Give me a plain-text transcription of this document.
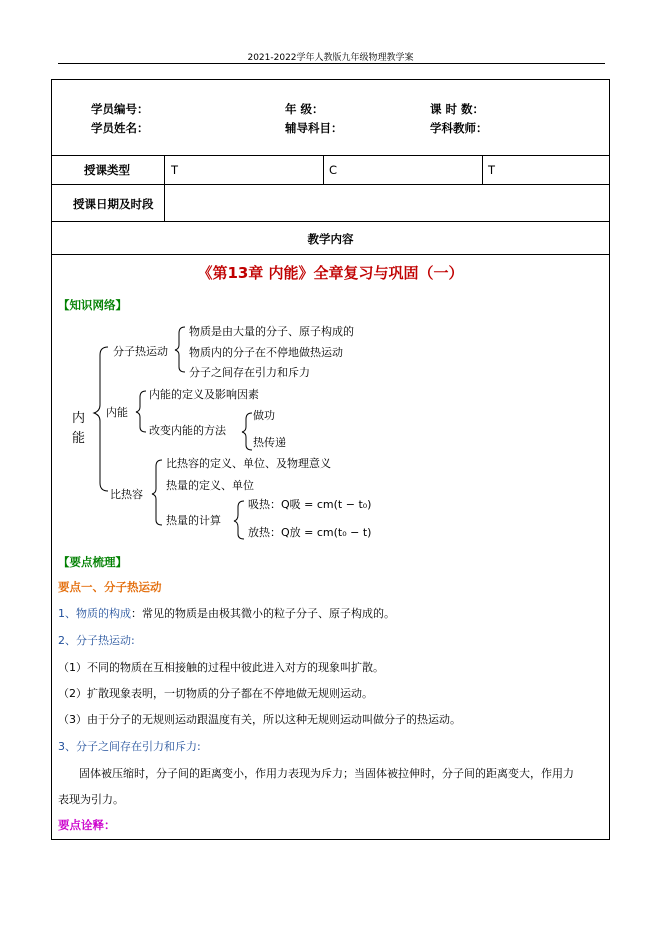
2021-2022学年人教版九年级物理教学案
学员编号：	年 级：	课 时 数：
学员姓名：	辅导科目：	学科教师：
授课类型	T	C	T
授课日期及时段
教学内容
《第13章 内能》全章复习与巩固（一）
【知识网络】
内能
分子热运动
物质是由大量的分子、原子构成的
物质内的分子在不停地做热运动
分子之间存在引力和斥力
内能
内能的定义及影响因素
改变内能的方法
做功
热传递
比热容
比热容的定义、单位、及物理意义
热量的定义、单位
热量的计算
吸热：Q吸 = cm(t − t₀)
放热：Q放 = cm(t₀ − t)
【要点梳理】
要点一、分子热运动
1、物质的构成：常见的物质是由极其微小的粒子分子、原子构成的。
2、分子热运动:
（1）不同的物质在互相接触的过程中彼此进入对方的现象叫扩散。
（2）扩散现象表明，一切物质的分子都在不停地做无规则运动。
（3）由于分子的无规则运动跟温度有关，所以这种无规则运动叫做分子的热运动。
3、分子之间存在引力和斥力:
固体被压缩时，分子间的距离变小，作用力表现为斥力；当固体被拉伸时，分子间的距离变大，作用力
表现为引力。
要点诠释：
